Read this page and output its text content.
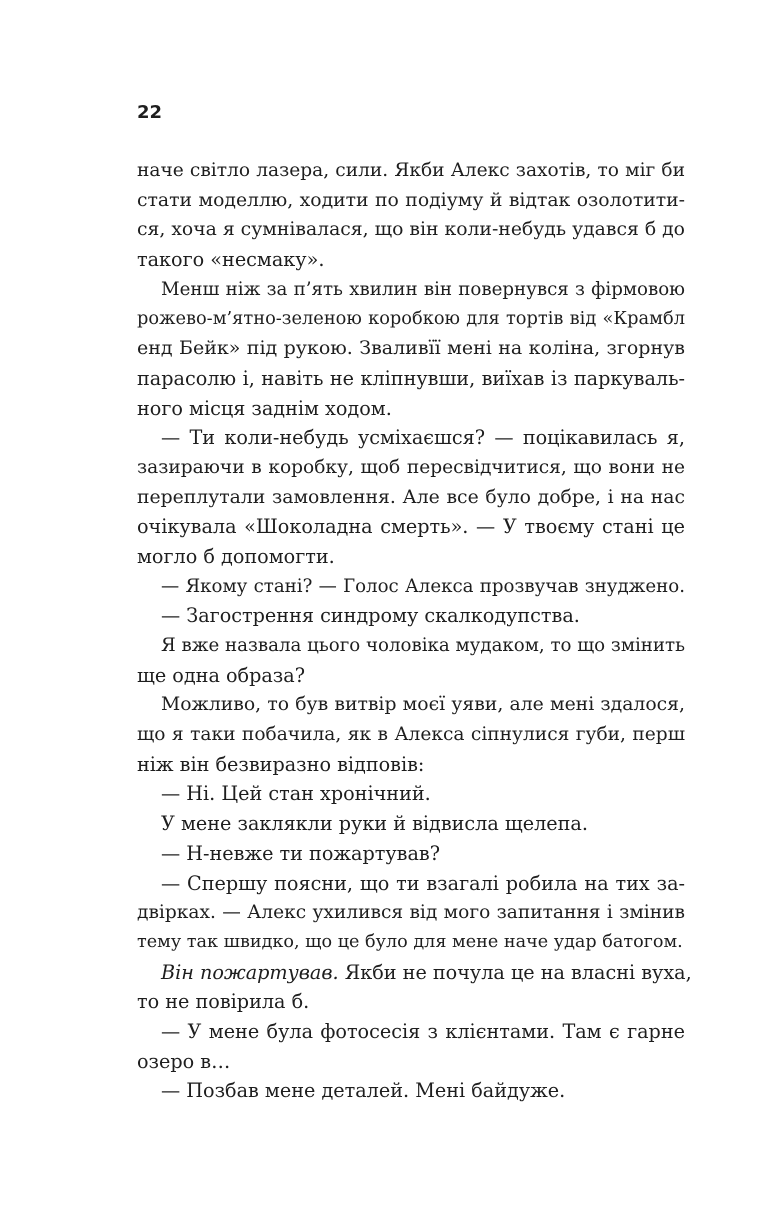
22
наче світло лазера, сили. Якби Алекс захотів, то міг би
стати моделлю, ходити по подіуму й відтак озолотити-
ся, хоча я сумнівалася, що він коли-небудь удався б до
такого «несмаку».
Менш ніж за п’ять хвилин він повернувся з фірмовою
рожево-м’ятно-зеленою коробкою для тортів від «Крамбл
енд Бейк» під рукою. Зваливїї мені на коліна, згорнув
парасолю і, навіть не кліпнувши, виїхав із паркуваль-
ного місця заднім ходом.
— Ти коли-небудь усміхаєшся? — поцікавилась я,
зазираючи в коробку, щоб пересвідчитися, що вони не
переплутали замовлення. Але все було добре, і на нас
очікувала «Шоколадна смерть». — У твоєму стані це
могло б допомогти.
— Якому стані? — Голос Алекса прозвучав знуджено.
— Загострення синдрому скалкодупства.
Я вже назвала цього чоловіка мудаком, то що змінить
ще одна образа?
Можливо, то був витвір моєї уяви, але мені здалося,
що я таки побачила, як в Алекса сіпнулися губи, перш
ніж він безвиразно відповів:
— Ні. Цей стан хронічний.
У мене заклякли руки й відвисла щелепа.
— Н-невже ти пожартував?
— Спершу поясни, що ти взагалі робила на тих за-
двірках. — Алекс ухилився від мого запитання і змінив
тему так швидко, що це було для мене наче удар батогом.
Він пожартував. Якби не почула це на власні вуха,
то не повірила б.
— У мене була фотосесія з клієнтами. Там є гарне
озеро в…
— Позбав мене деталей. Мені байдуже.
